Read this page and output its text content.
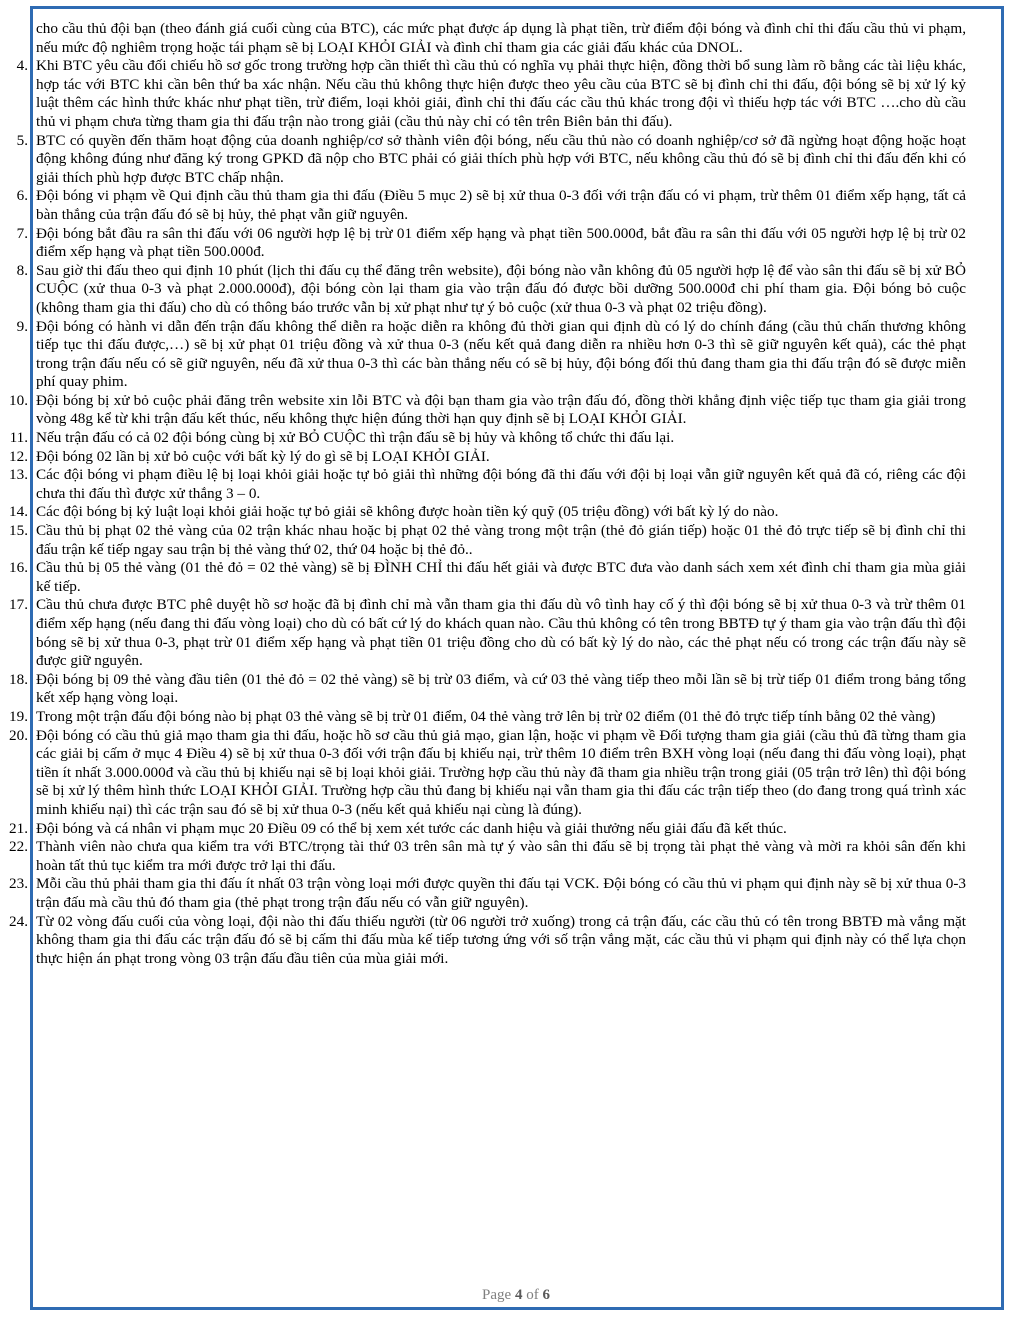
cho cầu thủ đội bạn (theo đánh giá cuối cùng của BTC), các mức phạt được áp dụng là phạt tiền, trừ điểm đội bóng và đình chỉ thi đấu cầu thủ vi phạm, nếu mức độ nghiêm trọng hoặc tái phạm sẽ bị LOẠI KHỎI GIẢI và đình chỉ tham gia các giải đấu khác của DNOL.

4. Khi BTC yêu cầu đối chiếu hồ sơ gốc trong trường hợp cần thiết thì cầu thủ có nghĩa vụ phải thực hiện, đồng thời bổ sung làm rõ bằng các tài liệu khác, hợp tác với BTC khi cần bên thứ ba xác nhận. Nếu cầu thủ không thực hiện được theo yêu cầu của BTC sẽ bị đình chỉ thi đấu, đội bóng sẽ bị xử lý kỷ luật thêm các hình thức khác như phạt tiền, trừ điểm, loại khỏi giải, đình chỉ thi đấu các cầu thủ khác trong đội vì thiếu hợp tác với BTC ….cho dù cầu thủ vi phạm chưa từng tham gia thi đấu trận nào trong giải (cầu thủ này chỉ có tên trên Biên bản thi đấu).
5. BTC có quyền đến thăm hoạt động của doanh nghiệp/cơ sở thành viên đội bóng, nếu cầu thủ nào có doanh nghiệp/cơ sở đã ngừng hoạt động hoặc hoạt động không đúng như đăng ký trong GPKD đã nộp cho BTC phải có giải thích phù hợp với BTC, nếu không cầu thủ đó sẽ bị đình chỉ thi đấu đến khi có giải thích phù hợp được BTC chấp nhận.
6. Đội bóng vi phạm về Qui định cầu thủ tham gia thi đấu (Điều 5 mục 2) sẽ bị xử thua 0-3 đối với trận đấu có vi phạm, trừ thêm 01 điểm xếp hạng, tất cả bàn thắng của trận đấu đó sẽ bị hủy, thẻ phạt vẫn giữ nguyên.
7. Đội bóng bắt đầu ra sân thi đấu với 06 người hợp lệ bị trừ 01 điểm xếp hạng và phạt tiền 500.000đ, bắt đầu ra sân thi đấu với 05 người hợp lệ bị trừ 02 điểm xếp hạng và phạt tiền 500.000đ.
8. Sau giờ thi đấu theo qui định 10 phút (lịch thi đấu cụ thể đăng trên website), đội bóng nào vẫn không đủ 05 người hợp lệ để vào sân thi đấu sẽ bị xử BỎ CUỘC (xử thua 0-3 và phạt 2.000.000đ), đội bóng còn lại tham gia vào trận đấu đó được bồi dưỡng 500.000đ chi phí tham gia. Đội bóng bỏ cuộc (không tham gia thi đấu) cho dù có thông báo trước vẫn bị xử phạt như tự ý bỏ cuộc (xử thua 0-3 và phạt 02 triệu đồng).
9. Đội bóng có hành vi dẫn đến trận đấu không thể diễn ra hoặc diễn ra không đủ thời gian qui định dù có lý do chính đáng (cầu thủ chấn thương không tiếp tục thi đấu được,…) sẽ bị xử phạt 01 triệu đồng và xử thua 0-3 (nếu kết quả đang diễn ra nhiều hơn 0-3 thì sẽ giữ nguyên kết quả), các thẻ phạt trong trận đấu nếu có sẽ giữ nguyên, nếu đã xử thua 0-3 thì các bàn thắng nếu có sẽ bị hủy, đội bóng đối thủ đang tham gia thi đấu trận đó sẽ được miễn phí quay phim.
10. Đội bóng bị xử bỏ cuộc phải đăng trên website xin lỗi BTC và đội bạn tham gia vào trận đấu đó, đồng thời khẳng định việc tiếp tục tham gia giải trong vòng 48g kể từ khi trận đấu kết thúc, nếu không thực hiện đúng thời hạn quy định sẽ bị LOẠI KHỎI GIẢI.
11. Nếu trận đấu có cả 02 đội bóng cùng bị xử BỎ CUỘC thì trận đấu sẽ bị hủy và không tổ chức thi đấu lại.
12. Đội bóng 02 lần bị xử bỏ cuộc với bất kỳ lý do gì sẽ bị LOẠI KHỎI GIẢI.
13. Các đội bóng vi phạm điều lệ bị loại khỏi giải hoặc tự bỏ giải thì những đội bóng đã thi đấu với đội bị loại vẫn giữ nguyên kết quả đã có, riêng các đội chưa thi đấu thì được xử thắng 3 – 0.
14. Các đội bóng bị kỷ luật loại khỏi giải hoặc tự bỏ giải sẽ không được hoàn tiền ký quỹ (05 triệu đồng) với bất kỳ lý do nào.
15. Cầu thủ bị phạt 02 thẻ vàng của 02 trận khác nhau hoặc bị phạt 02 thẻ vàng trong một trận (thẻ đỏ gián tiếp) hoặc 01 thẻ đỏ trực tiếp sẽ bị đình chỉ thi đấu trận kế tiếp ngay sau trận bị thẻ vàng thứ 02, thứ 04 hoặc bị thẻ đỏ..
16. Cầu thủ bị 05 thẻ vàng (01 thẻ đỏ = 02 thẻ vàng) sẽ bị ĐÌNH CHỈ thi đấu hết giải và được BTC đưa vào danh sách xem xét đình chỉ tham gia mùa giải kế tiếp.
17. Cầu thủ chưa được BTC phê duyệt hồ sơ hoặc đã bị đình chỉ mà vẫn tham gia thi đấu dù vô tình hay cố ý thì đội bóng sẽ bị xử thua 0-3 và trừ thêm 01 điểm xếp hạng (nếu đang thi đấu vòng loại) cho dù có bất cứ lý do khách quan nào. Cầu thủ không có tên trong BBTĐ tự ý tham gia vào trận đấu thì đội bóng sẽ bị xử thua 0-3, phạt trừ 01 điểm xếp hạng và phạt tiền 01 triệu đồng cho dù có bất kỳ lý do nào, các thẻ phạt nếu có trong các trận đấu này sẽ được giữ nguyên.
18. Đội bóng bị 09 thẻ vàng đầu tiên (01 thẻ đỏ = 02 thẻ vàng) sẽ bị trừ 03 điểm, và cứ 03 thẻ vàng tiếp theo mỗi lần sẽ bị trừ tiếp 01 điểm trong bảng tổng kết xếp hạng vòng loại.
19. Trong một trận đấu đội bóng nào bị phạt 03 thẻ vàng sẽ bị trừ 01 điểm, 04 thẻ vàng trở lên bị trừ 02 điểm (01 thẻ đỏ trực tiếp tính bằng 02 thẻ vàng)
20. Đội bóng có cầu thủ giả mạo tham gia thi đấu, hoặc hồ sơ cầu thủ giả mạo, gian lận, hoặc vi phạm về Đối tượng tham gia giải (cầu thủ đã từng tham gia các giải bị cấm ở mục 4 Điều 4) sẽ bị xử thua 0-3 đối với trận đấu bị khiếu nại, trừ thêm 10 điểm trên BXH vòng loại (nếu đang thi đấu vòng loại), phạt tiền ít nhất 3.000.000đ và cầu thủ bị khiếu nại sẽ bị loại khỏi giải. Trường hợp cầu thủ này đã tham gia nhiều trận trong giải (05 trận trở lên) thì đội bóng sẽ bị xử lý thêm hình thức LOẠI KHỎI GIẢI. Trường hợp cầu thủ đang bị khiếu nại vẫn tham gia thi đấu các trận tiếp theo (do đang trong quá trình xác minh khiếu nại) thì các trận sau đó sẽ bị xử thua 0-3 (nếu kết quả khiếu nại cùng là đúng).
21. Đội bóng và cá nhân vi phạm mục 20 Điều 09 có thể bị xem xét tước các danh hiệu và giải thưởng nếu giải đấu đã kết thúc.
22. Thành viên nào chưa qua kiểm tra với BTC/trọng tài thứ 03 trên sân mà tự ý vào sân thi đấu sẽ bị trọng tài phạt thẻ vàng và mời ra khỏi sân đến khi hoàn tất thủ tục kiểm tra mới được trở lại thi đấu.
23. Mỗi cầu thủ phải tham gia thi đấu ít nhất 03 trận vòng loại mới được quyền thi đấu tại VCK. Đội bóng có cầu thủ vi phạm qui định này sẽ bị xử thua 0-3 trận đấu mà cầu thủ đó tham gia (thẻ phạt trong trận đấu nếu có vẫn giữ nguyên).
24. Từ 02 vòng đấu cuối của vòng loại, đội nào thi đấu thiếu người (từ 06 người trở xuống) trong cả trận đấu, các cầu thủ có tên trong BBTĐ mà vắng mặt không tham gia thi đấu các trận đấu đó sẽ bị cấm thi đấu mùa kế tiếp tương ứng với số trận vắng mặt, các cầu thủ vi phạm qui định này có thể lựa chọn thực hiện án phạt trong vòng 03 trận đấu đầu tiên của mùa giải mới.
Page 4 of 6
